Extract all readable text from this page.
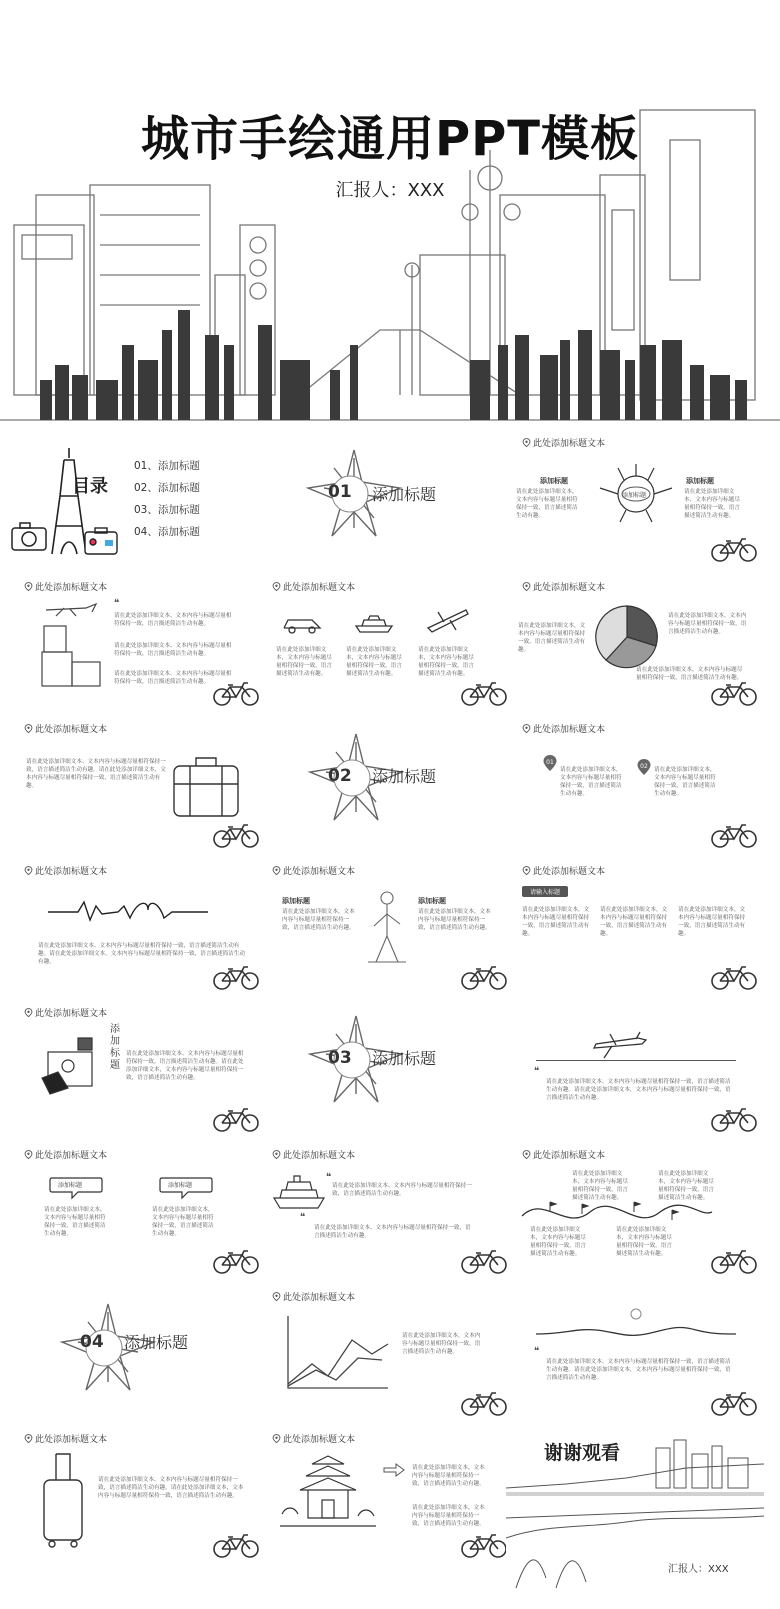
城市手绘通用PPT模板
汇报人：XXX
目录
01、添加标题
02、添加标题
03、添加标题
04、添加标题
01 添加标题
此处添加标题文本
添加标题
添加标题
请在此处添加详细文本，文本内容与标题尽量相符保持一致，语言描述简洁生动有趣。
添加标题
请在此处添加详细文本，文本内容与标题尽量相符保持一致，语言描述简洁生动有趣。
此处添加标题文本
❝
请在此处添加详细文本、文本内容与标题尽量相符保持一致，语言描述简洁生动有趣。
请在此处添加详细文本、文本内容与标题尽量相符保持一致，语言描述简洁生动有趣。
请在此处添加详细文本、文本内容与标题尽量相符保持一致，语言描述简洁生动有趣。
此处添加标题文本
请在此处添加详细文本，文本内容与标题尽量相符保持一致，语言描述简洁生动有趣。
请在此处添加详细文本，文本内容与标题尽量相符保持一致，语言描述简洁生动有趣。
请在此处添加详细文本，文本内容与标题尽量相符保持一致，语言描述简洁生动有趣。
此处添加标题文本
请在此处添加详细文本，文本内容与标题尽量相符保持一致，语言描述简洁生动有趣。
请在此处添加详细文本，文本内容与标题尽量相符保持一致，语言描述简洁生动有趣。
请在此处添加详细文本，文本内容与标题尽量相符保持一致，语言描述简洁生动有趣。
此处添加标题文本
请在此处添加详细文本、文本内容与标题尽量相符保持一致，语言描述简洁生动有趣。请在此处添加详细文本，文本内容与标题尽量相符保持一致，语言描述简洁生动有趣。	02 添加标题
此处添加标题文本
01
请在此处添加详细文本，文本内容与标题尽量相符保持一致，语言描述简洁生动有趣。
02 请在此处添加详细文本，文本内容与标题尽量相符保持一致，语言描述简洁生动有趣。
此处添加标题文本
请在此处添加详细文本、文本内容与标题尽量相符保持一致，语言描述简洁生动有趣。请在此处添加详细文本，文本内容与标题尽量相符保持一致，语言描述简洁生动有趣。
此处添加标题文本
添加标题
请在此处添加详细文本，文本内容与标题尽量相符保持一致，语言描述简洁生动有趣。
添加标题
请在此处添加详细文本，文本内容与标题尽量相符保持一致，语言描述简洁生动有趣。
此处添加标题文本
请输入标题
请在此处添加详细文本，文本内容与标题尽量相符保持一致，语言描述简洁生动有趣。
请在此处添加详细文本，文本内容与标题尽量相符保持一致，语言描述简洁生动有趣。
请在此处添加详细文本，文本内容与标题尽量相符保持一致，语言描述简洁生动有趣。
此处添加标题文本
添加标题
请在此处添加详细文本、文本内容与标题尽量相符保持一致，语言描述简洁生动有趣。请在此处添加详细文本，文本内容与标题尽量相符保持一致，语言描述简洁生动有趣。
03 添加标题
❝
请在此处添加详细文本、文本内容与标题尽量相符保持一致，语言描述简洁生动有趣。请在此处添加详细文本，文本内容与标题尽量相符保持一致，语言描述简洁生动有趣。
此处添加标题文本
添加标题
请在此处添加详细文本，文本内容与标题尽量相符保持一致，语言描述简洁生动有趣。
添加标题
请在此处添加详细文本，文本内容与标题尽量相符保持一致，语言描述简洁生动有趣。
此处添加标题文本
❝
请在此处添加详细文本、文本内容与标题尽量相符保持一致，语言描述简洁生动有趣。
❝
请在此处添加详细文本、文本内容与标题尽量相符保持一致，语言描述简洁生动有趣。
此处添加标题文本
请在此处添加详细文本，文本内容与标题尽量相符保持一致，语言描述简洁生动有趣。
请在此处添加详细文本，文本内容与标题尽量相符保持一致，语言描述简洁生动有趣。
请在此处添加详细文本，文本内容与标题尽量相符保持一致，语言描述简洁生动有趣。
请在此处添加详细文本，文本内容与标题尽量相符保持一致，语言描述简洁生动有趣。
04 添加标题
此处添加标题文本
请在此处添加详细文本，文本内容与标题尽量相符保持一致，语言描述简洁生动有趣。	❝
请在此处添加详细文本、文本内容与标题尽量相符保持一致，语言描述简洁生动有趣。请在此处添加详细文本，文本内容与标题尽量相符保持一致，语言描述简洁生动有趣。
此处添加标题文本
请在此处添加详细文本、文本内容与标题尽量相符保持一致，语言描述简洁生动有趣。请在此处添加详细文本，文本内容与标题尽量相符保持一致，语言描述简洁生动有趣。
此处添加标题文本
请在此处添加详细文本，文本内容与标题尽量相符保持一致，语言描述简洁生动有趣。
请在此处添加详细文本，文本内容与标题尽量相符保持一致，语言描述简洁生动有趣。
谢谢观看
汇报人：XXX
